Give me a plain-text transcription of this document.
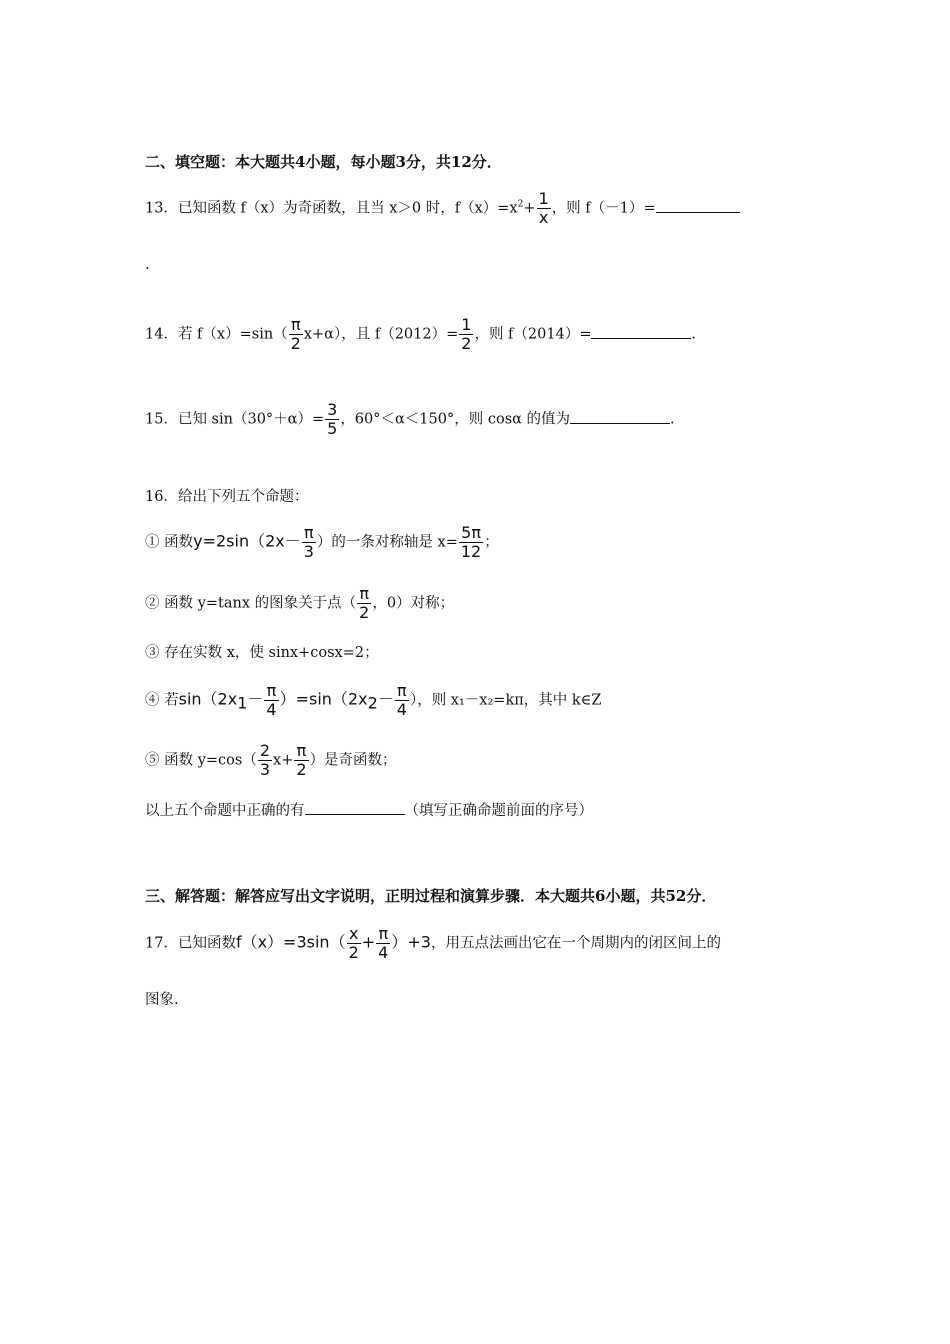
二、填空题：本大题共4小题，每小题3分，共12分．
13．已知函数 f（x）为奇函数，且当 x＞0 时，$f(x)=x^2+ \frac{1}{x}$ ，则 f（－1）=
.
14．若 $f(x)=\sin( \frac{\pi}{2} x+\alpha)$，且 $f(2012)= \frac{1}{2}$ ，则 f（2014）=	.
15．已知 $\sin(30^\circ+\alpha)= \frac{3}{5}$ ，60°＜α＜150°，则 cosα 的值为	.
16．给出下列五个命题：
① 函数$y=2\sin(2x- \frac{\pi}{3}$ ）的一条对称轴是 $x= \frac{5\pi}{12}$ ；
② 函数 y=tanx 的图象关于点（ $\frac{\pi}{2}$ ，0）对称；
③ 存在实数 x，使 sinx+cosx=2；
④ 若$\sin(2x_1- \frac{\pi}{4} )=\sin(2x_2- \frac{\pi}{4}$ ），则 x₁－x₂=kπ，其中 k∈Z
⑤ 函数 $y=\cos( \frac{2}{3} x+ \frac{\pi}{2}$ ）是奇函数；
以上五个命题中正确的有	（填写正确命题前面的序号）
三、解答题：解答应写出文字说明，正明过程和演算步骤．本大题共6小题，共52分．
17．已知函数$f(x)=3\sin( \frac{x}{2} + \frac{\pi}{4} )+3$，用五点法画出它在一个周期内的闭区间上的
图象.
